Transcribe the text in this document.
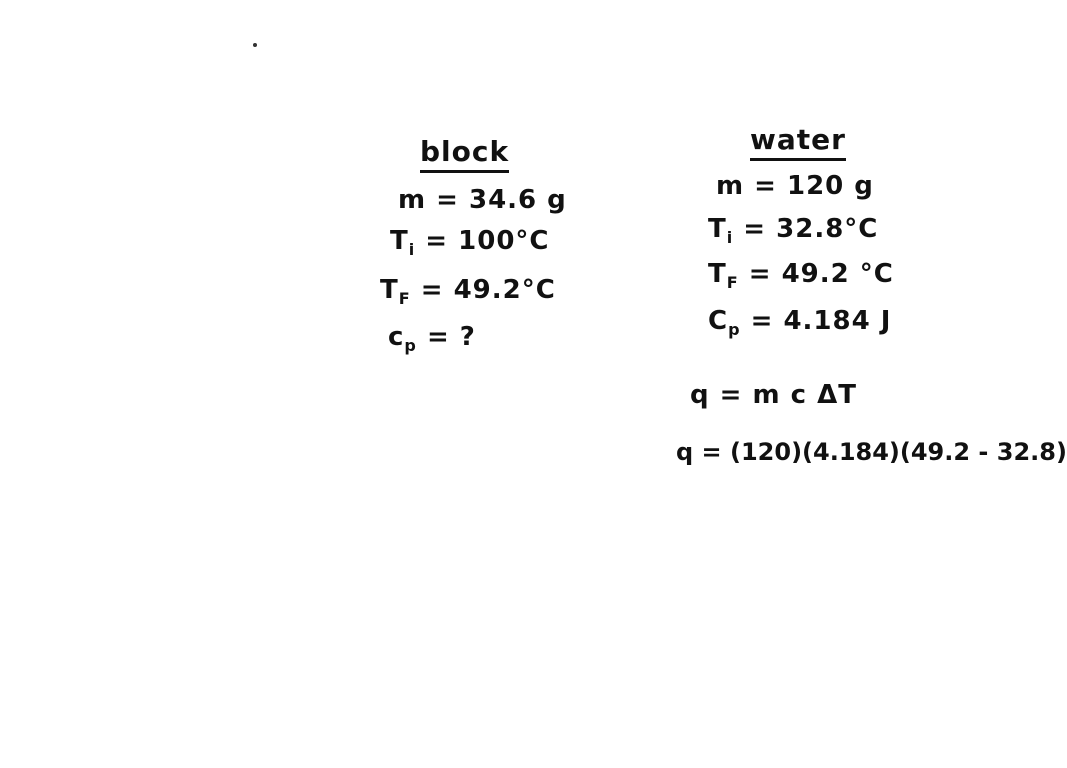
block
m = 34.6 g
$T_i = 100^\circ C$
$T_F = 49.2^\circ C$
$c_p$ = ?
water
m = 120 g
$T_i = 32.8^\circ C$
$T_F = 49.2$ °C
$C_p = 4.184$ J
q = m c ΔT
q = (120)(4.184)(49.2 - 32.8)
